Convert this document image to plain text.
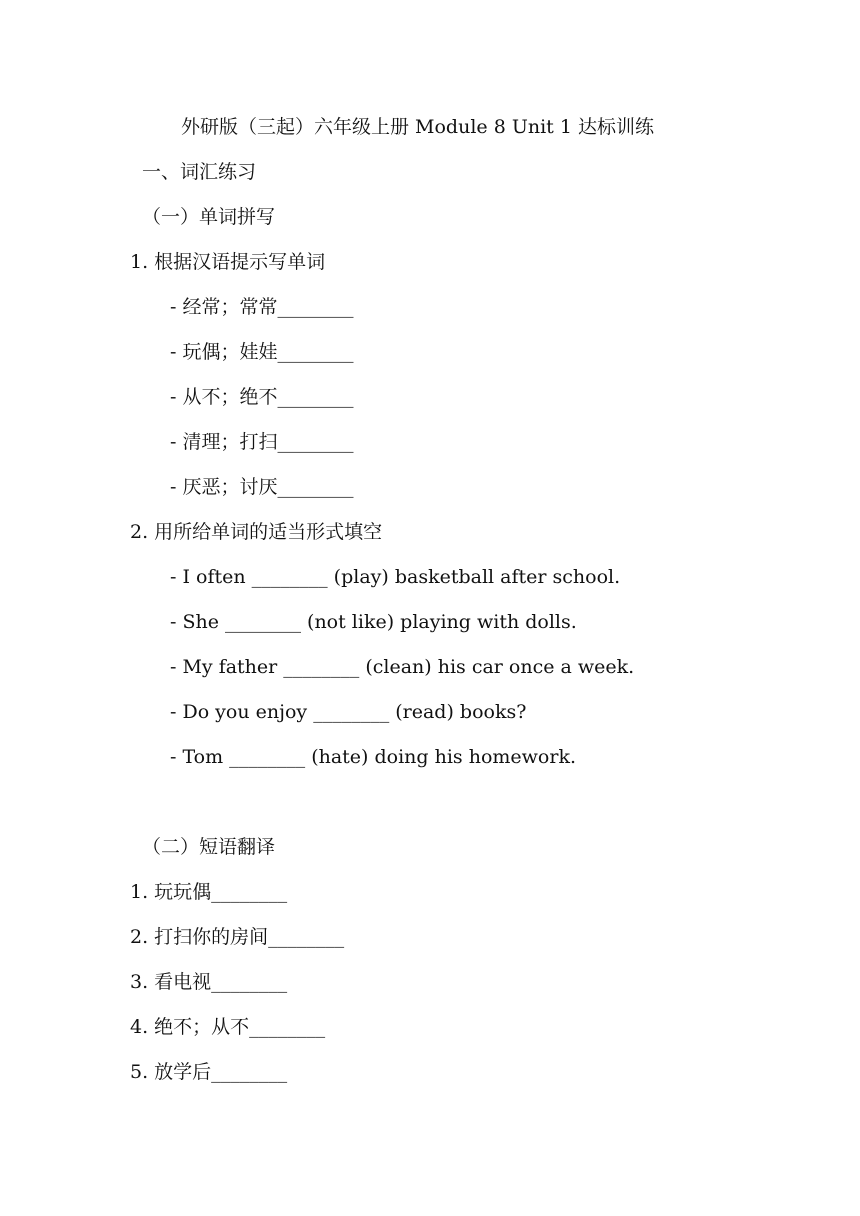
外研版（三起）六年级上册 Module 8 Unit 1 达标训练
一、词汇练习
（一）单词拼写
1. 根据汉语提示写单词
- 经常；常常________
- 玩偶；娃娃________
- 从不；绝不________
- 清理；打扫________
- 厌恶；讨厌________
2. 用所给单词的适当形式填空
- I often ________ (play) basketball after school.
- She ________ (not like) playing with dolls.
- My father ________ (clean) his car once a week.
- Do you enjoy ________ (read) books?
- Tom ________ (hate) doing his homework.
（二）短语翻译
1. 玩玩偶________
2. 打扫你的房间________
3. 看电视________
4. 绝不；从不________
5. 放学后________
